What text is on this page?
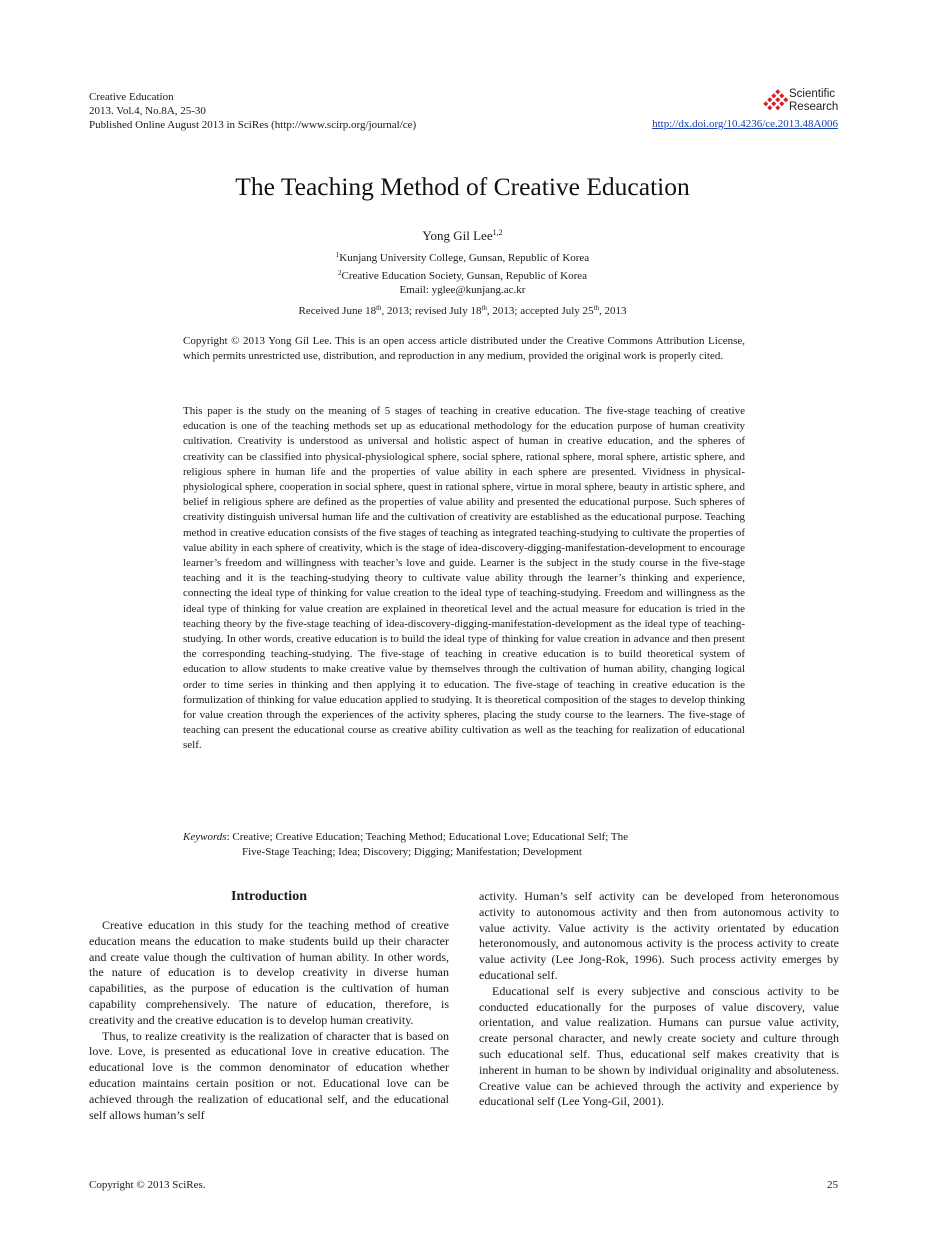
Creative Education
2013. Vol.4, No.8A, 25-30
Published Online August 2013 in SciRes (http://www.scirp.org/journal/ce)
Scientific
Research
http://dx.doi.org/10.4236/ce.2013.48A006
The Teaching Method of Creative Education
Yong Gil Lee$^{1,2}$
$^1$Kunjang University College, Gunsan, Republic of Korea
$^2$Creative Education Society, Gunsan, Republic of Korea
Email: yglee@kunjang.ac.kr
Received June 18th, 2013; revised July 18th, 2013; accepted July 25th, 2013
Copyright © 2013 Yong Gil Lee. This is an open access article distributed under the Creative Commons Attribution License, which permits unrestricted use, distribution, and reproduction in any medium, provided the original work is properly cited.
This paper is the study on the meaning of 5 stages of teaching in creative education. The five-stage teaching of creative education is one of the teaching methods set up as educational methodology for the education purpose of human creativity cultivation. Creativity is understood as universal and holistic aspect of human in creative education, and the spheres of creativity can be classified into physical-physiological sphere, social sphere, rational sphere, moral sphere, artistic sphere, and religious sphere in human life and the properties of value ability in each sphere are presented. Vividness in physical-physiological sphere, cooperation in social sphere, quest in rational sphere, virtue in moral sphere, beauty in artistic sphere, and belief in religious sphere are defined as the properties of value ability and presented the educational purpose. Such spheres of creativity distinguish universal human life and the cultivation of creativity are established as the educational purpose. Teaching method in creative education consists of the five stages of teaching as integrated teaching-studying to cultivate the properties of value ability in each sphere of creativity, which is the stage of idea-discovery-digging-manifestation-development to encourage learner’s freedom and willingness with teacher’s love and guide. Learner is the subject in the study course in the five-stage teaching and it is the teaching-studying theory to cultivate value ability through the learner’s thinking and experience, connecting the ideal type of thinking for value creation to the ideal type of teaching-studying. Freedom and willingness as the ideal type of thinking for value creation are explained in theoretical level and the actual measure for education is tried in the teaching theory by the five-stage teaching of idea-discovery-digging-manifestation-development as the ideal type of teaching-studying. In other words, creative education is to build the ideal type of thinking for value creation in advance and then present the corresponding teaching-studying. The five-stage of teaching in creative education is to build theoretical system of education to allow students to make creative value by themselves through the cultivation of human ability, changing logical order to time series in thinking and then applying it to education. The five-stage of teaching in creative education is the formulization of thinking for value education applied to studying. It is theoretical composition of the stages to develop thinking for value creation through the experiences of the activity spheres, placing the study course to the learners. The five-stage of teaching can present the educational course as creative ability cultivation as well as the teaching for realization of educational self.
Keywords: Creative; Creative Education; Teaching Method; Educational Love; Educational Self; The
Five-Stage Teaching; Idea; Discovery; Digging; Manifestation; Development
Introduction

Creative education in this study for the teaching method of creative education means the education to make students build up their character and create value though the cultivation of human ability. In other words, the nature of education is to develop creativity in diverse human capabilities, as the purpose of education is the cultivation of human capability comprehensively. The nature of education, therefore, is creativity and the creative education is to develop human creativity.

Thus, to realize creativity is the realization of character that is based on love. Love, is presented as educational love in creative education. The educational love is the common denominator of education whether education maintains certain position or not. Educational love can be achieved through the realization of educational self, and the educational self allows human’s self

activity. Human’s self activity can be developed from heteronomous activity to autonomous activity and then from autonomous activity to value activity. Value activity is the activity orientated by education heteronomously, and autonomous activity is the process activity to create value activity (Lee Jong-Rok, 1996). Such process activity emerges by educational self.

Educational self is every subjective and conscious activity to be conducted educationally for the purposes of value discovery, value orientation, and value realization. Humans can pursue value activity, create personal character, and newly create society and culture through such educational self. Thus, educational self makes creativity that is inherent in human to be shown by individual originality and absoluteness. Creative value can be achieved through the activity and experience by educational self (Lee Yong-Gil, 2001).

Copyright © 2013 SciRes.	25
